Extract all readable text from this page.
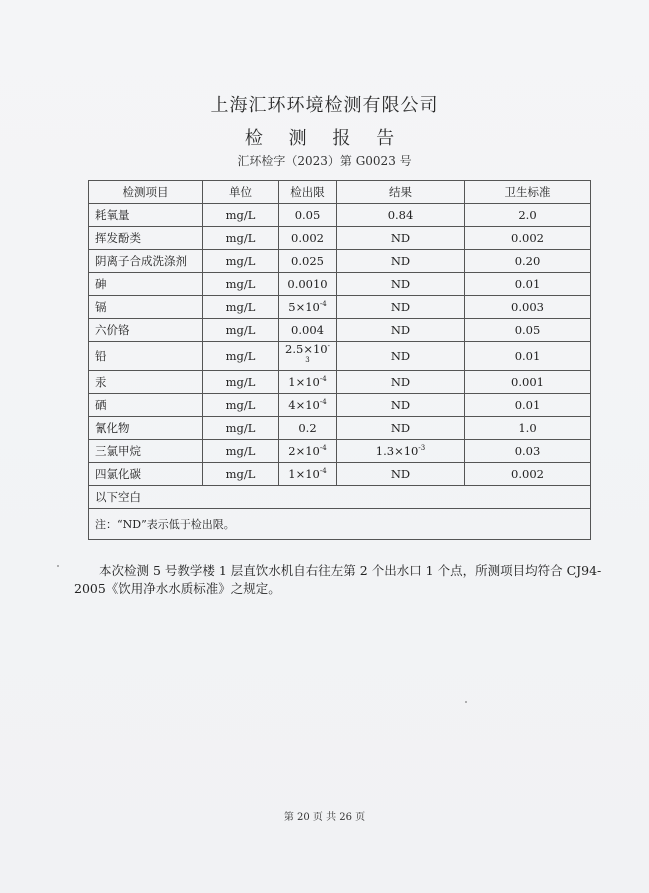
上海汇环环境检测有限公司
检 测 报 告
汇环检字（2023）第 G0023 号
检测项目	单位	检出限	结果	卫生标准
耗氧量	mg/L	0.05	0.84	2.0
挥发酚类	mg/L	0.002	ND	0.002
阴离子合成洗涤剂	mg/L	0.025	ND	0.20
砷	mg/L	0.0010	ND	0.01
镉	mg/L	$5\times 10^{-4}$	ND	0.003
六价铬	mg/L	0.004	ND	0.05
铅	mg/L	$2.5\times 10^{-3}$	ND	0.01
汞	mg/L	$1\times 10^{-4}$	ND	0.001
硒	mg/L	$4\times 10^{-4}$	ND	0.01
氰化物	mg/L	0.2	ND	1.0
三氯甲烷	mg/L	$2\times 10^{-4}$	$1.3\times 10^{-3}$	0.03
四氯化碳	mg/L	$1\times 10^{-4}$	ND	0.002
以下空白				
注：“ND”表示低于检出限。				
本次检测 5 号教学楼 1 层直饮水机自右往左第 2 个出水口 1 个点，所测项目均符合 CJ94-2005《饮用净水水质标准》之规定。
第 20 页 共 26 页
